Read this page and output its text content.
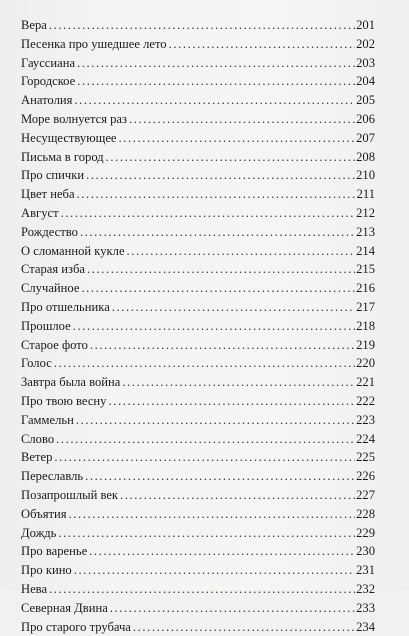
Вера .....	201
Песенка про ушедшее лето .....	202
Гауссиана .....	203
Городское .....	204
Анатолия .....	205
Море волнуется раз .....	206
Несуществующее .....	207
Письма в город .....	208
Про спички .....	210
Цвет неба .....	211
Август .....	212
Рождество .....	213
О сломанной кукле .....	214
Старая изба .....	215
Случайное .....	216
Про отшельника .....	217
Прошлое .....	218
Старое фото .....	219
Голос .....	220
Завтра была война .....	221
Про твою весну .....	222
Гаммельн .....	223
Слово .....	224
Ветер .....	225
Переславль .....	226
Позапрошлый век .....	227
Объятия .....	228
Дождь .....	229
Про варенье .....	230
Про кино .....	231
Нева .....	232
Северная Двина .....	233
Про старого трубача .....	234
